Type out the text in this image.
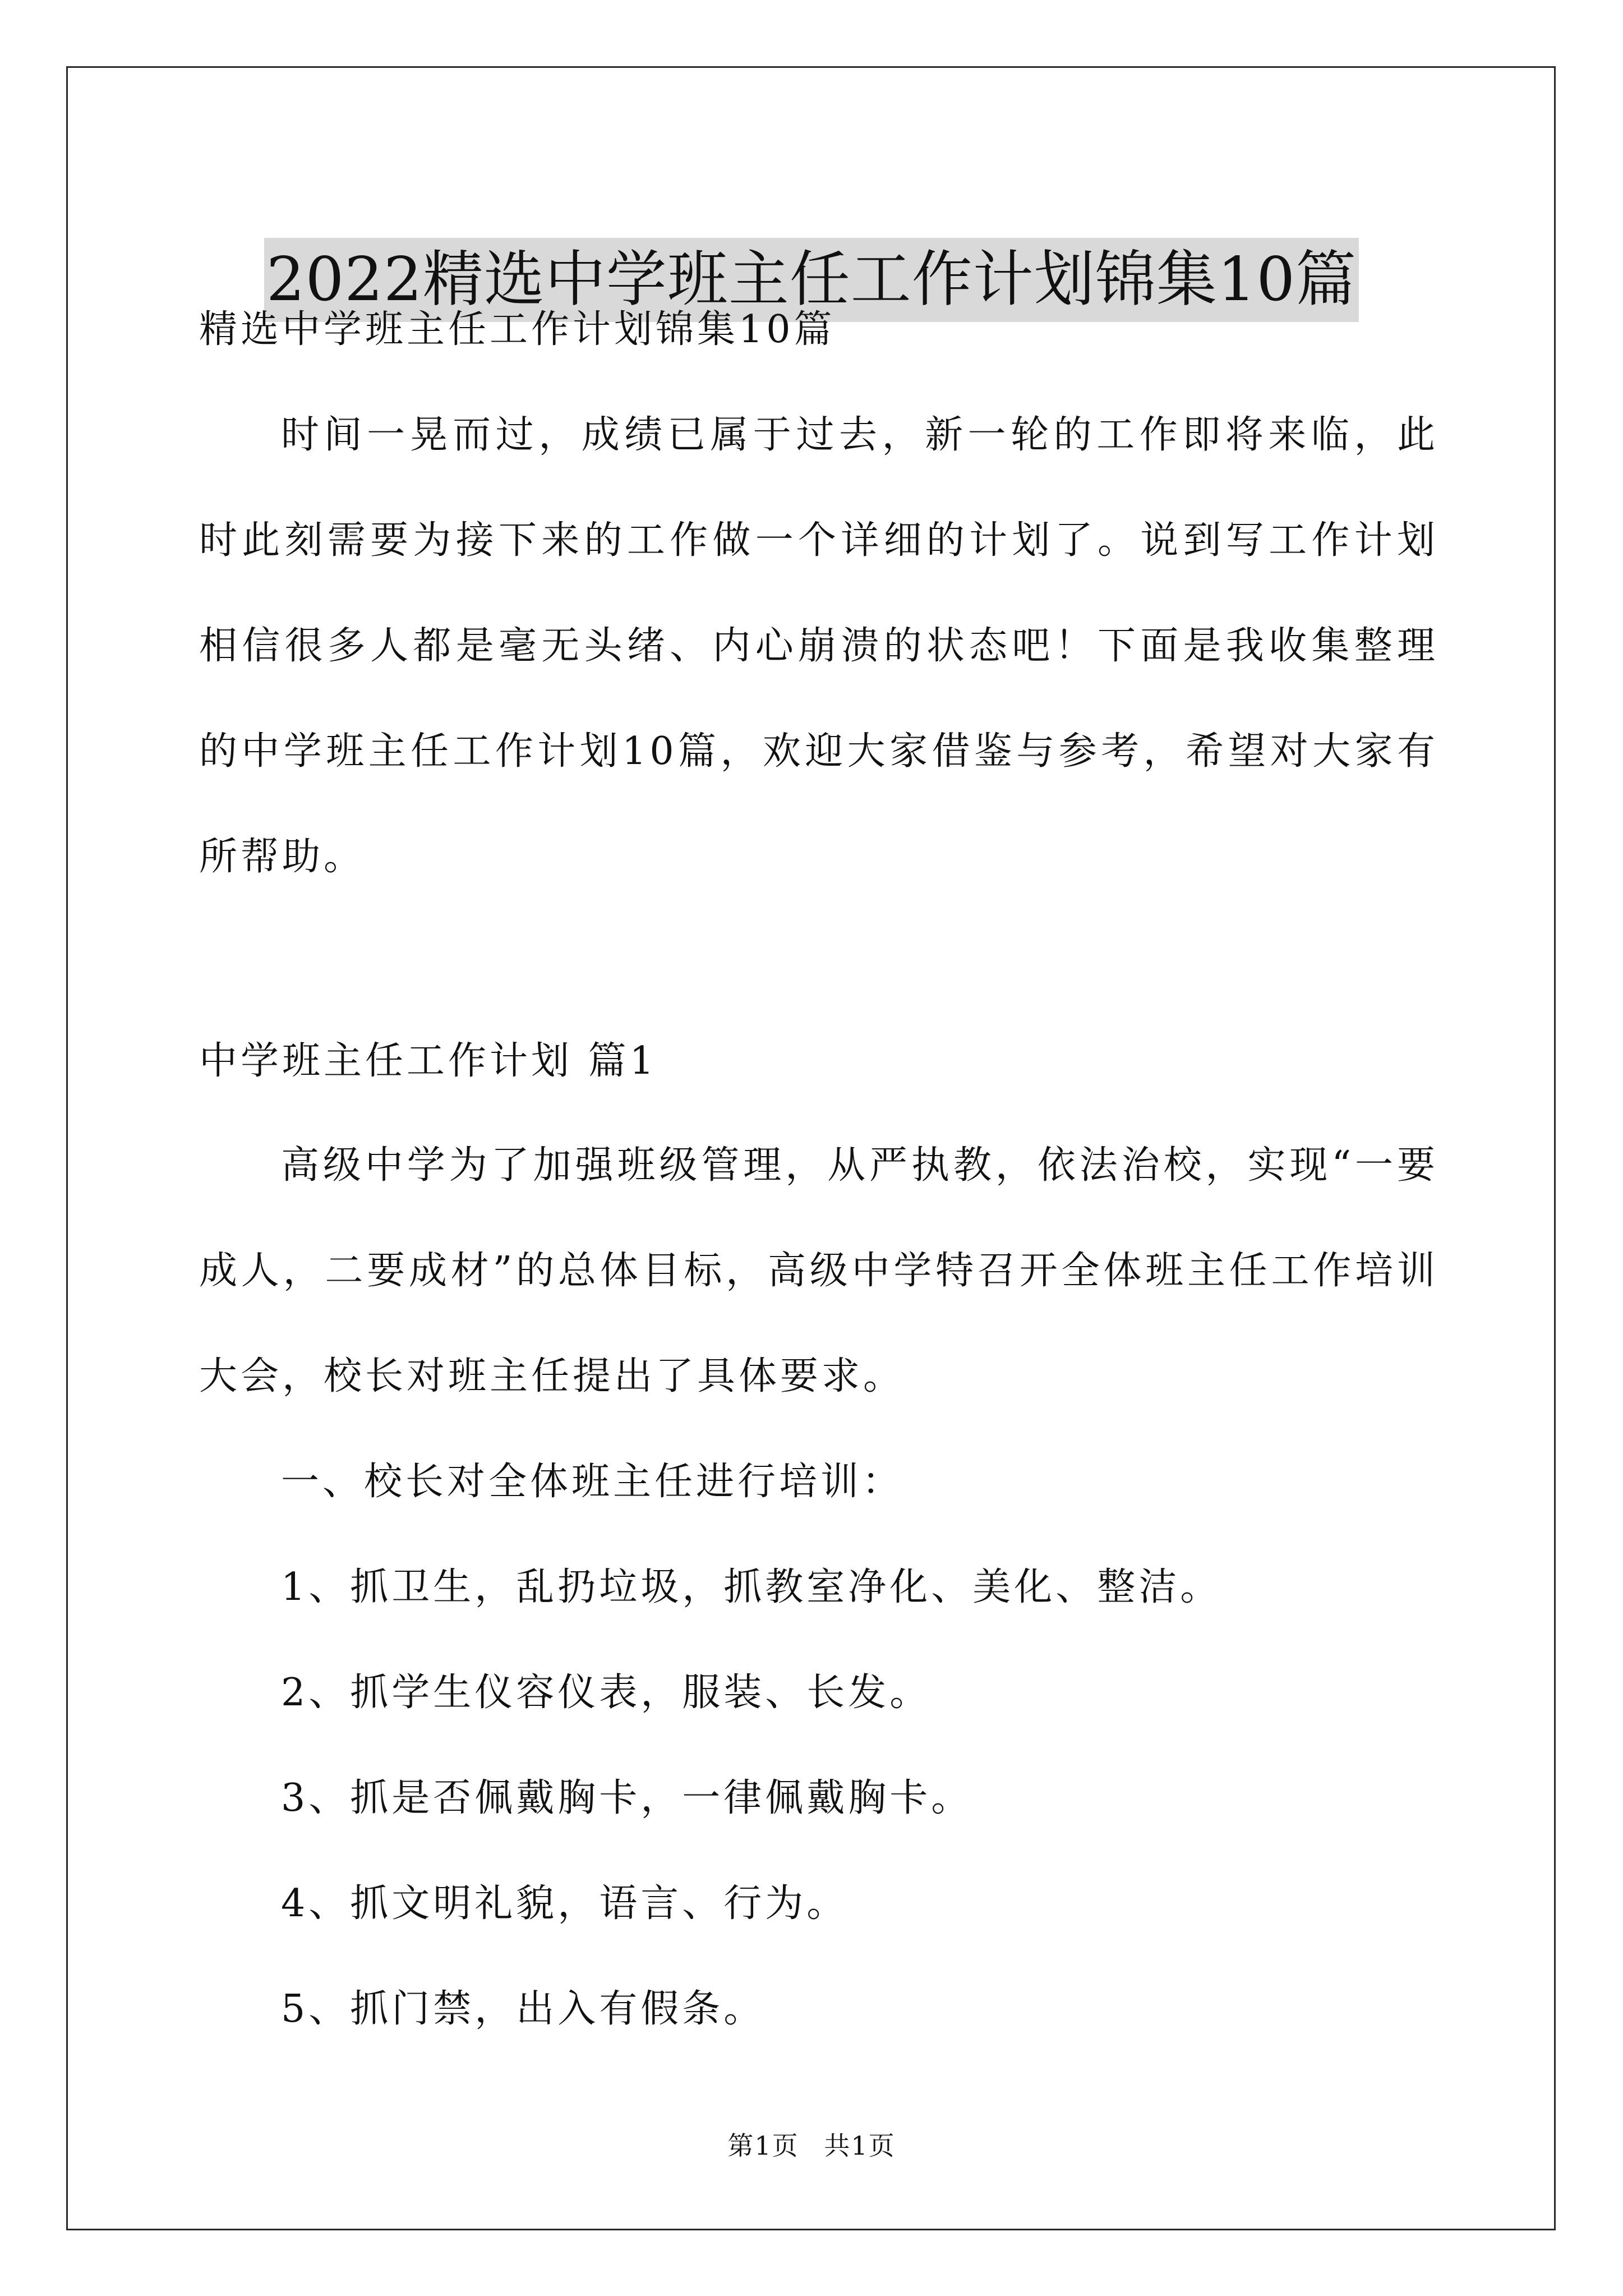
2022精选中学班主任工作计划锦集10篇
精选中学班主任工作计划锦集10篇
时间一晃而过，成绩已属于过去，新一轮的工作即将来临，此时此刻需要为接下来的工作做一个详细的计划了。说到写工作计划相信很多人都是毫无头绪、内心崩溃的状态吧！下面是我收集整理的中学班主任工作计划10篇，欢迎大家借鉴与参考，希望对大家有所帮助。
中学班主任工作计划 篇1
高级中学为了加强班级管理，从严执教，依法治校，实现“一要成人，二要成材”的总体目标，高级中学特召开全体班主任工作培训大会，校长对班主任提出了具体要求。
一、校长对全体班主任进行培训：
1、抓卫生，乱扔垃圾，抓教室净化、美化、整洁。
2、抓学生仪容仪表，服装、长发。
3、抓是否佩戴胸卡，一律佩戴胸卡。
4、抓文明礼貌，语言、行为。
5、抓门禁，出入有假条。
第1页 共1页
